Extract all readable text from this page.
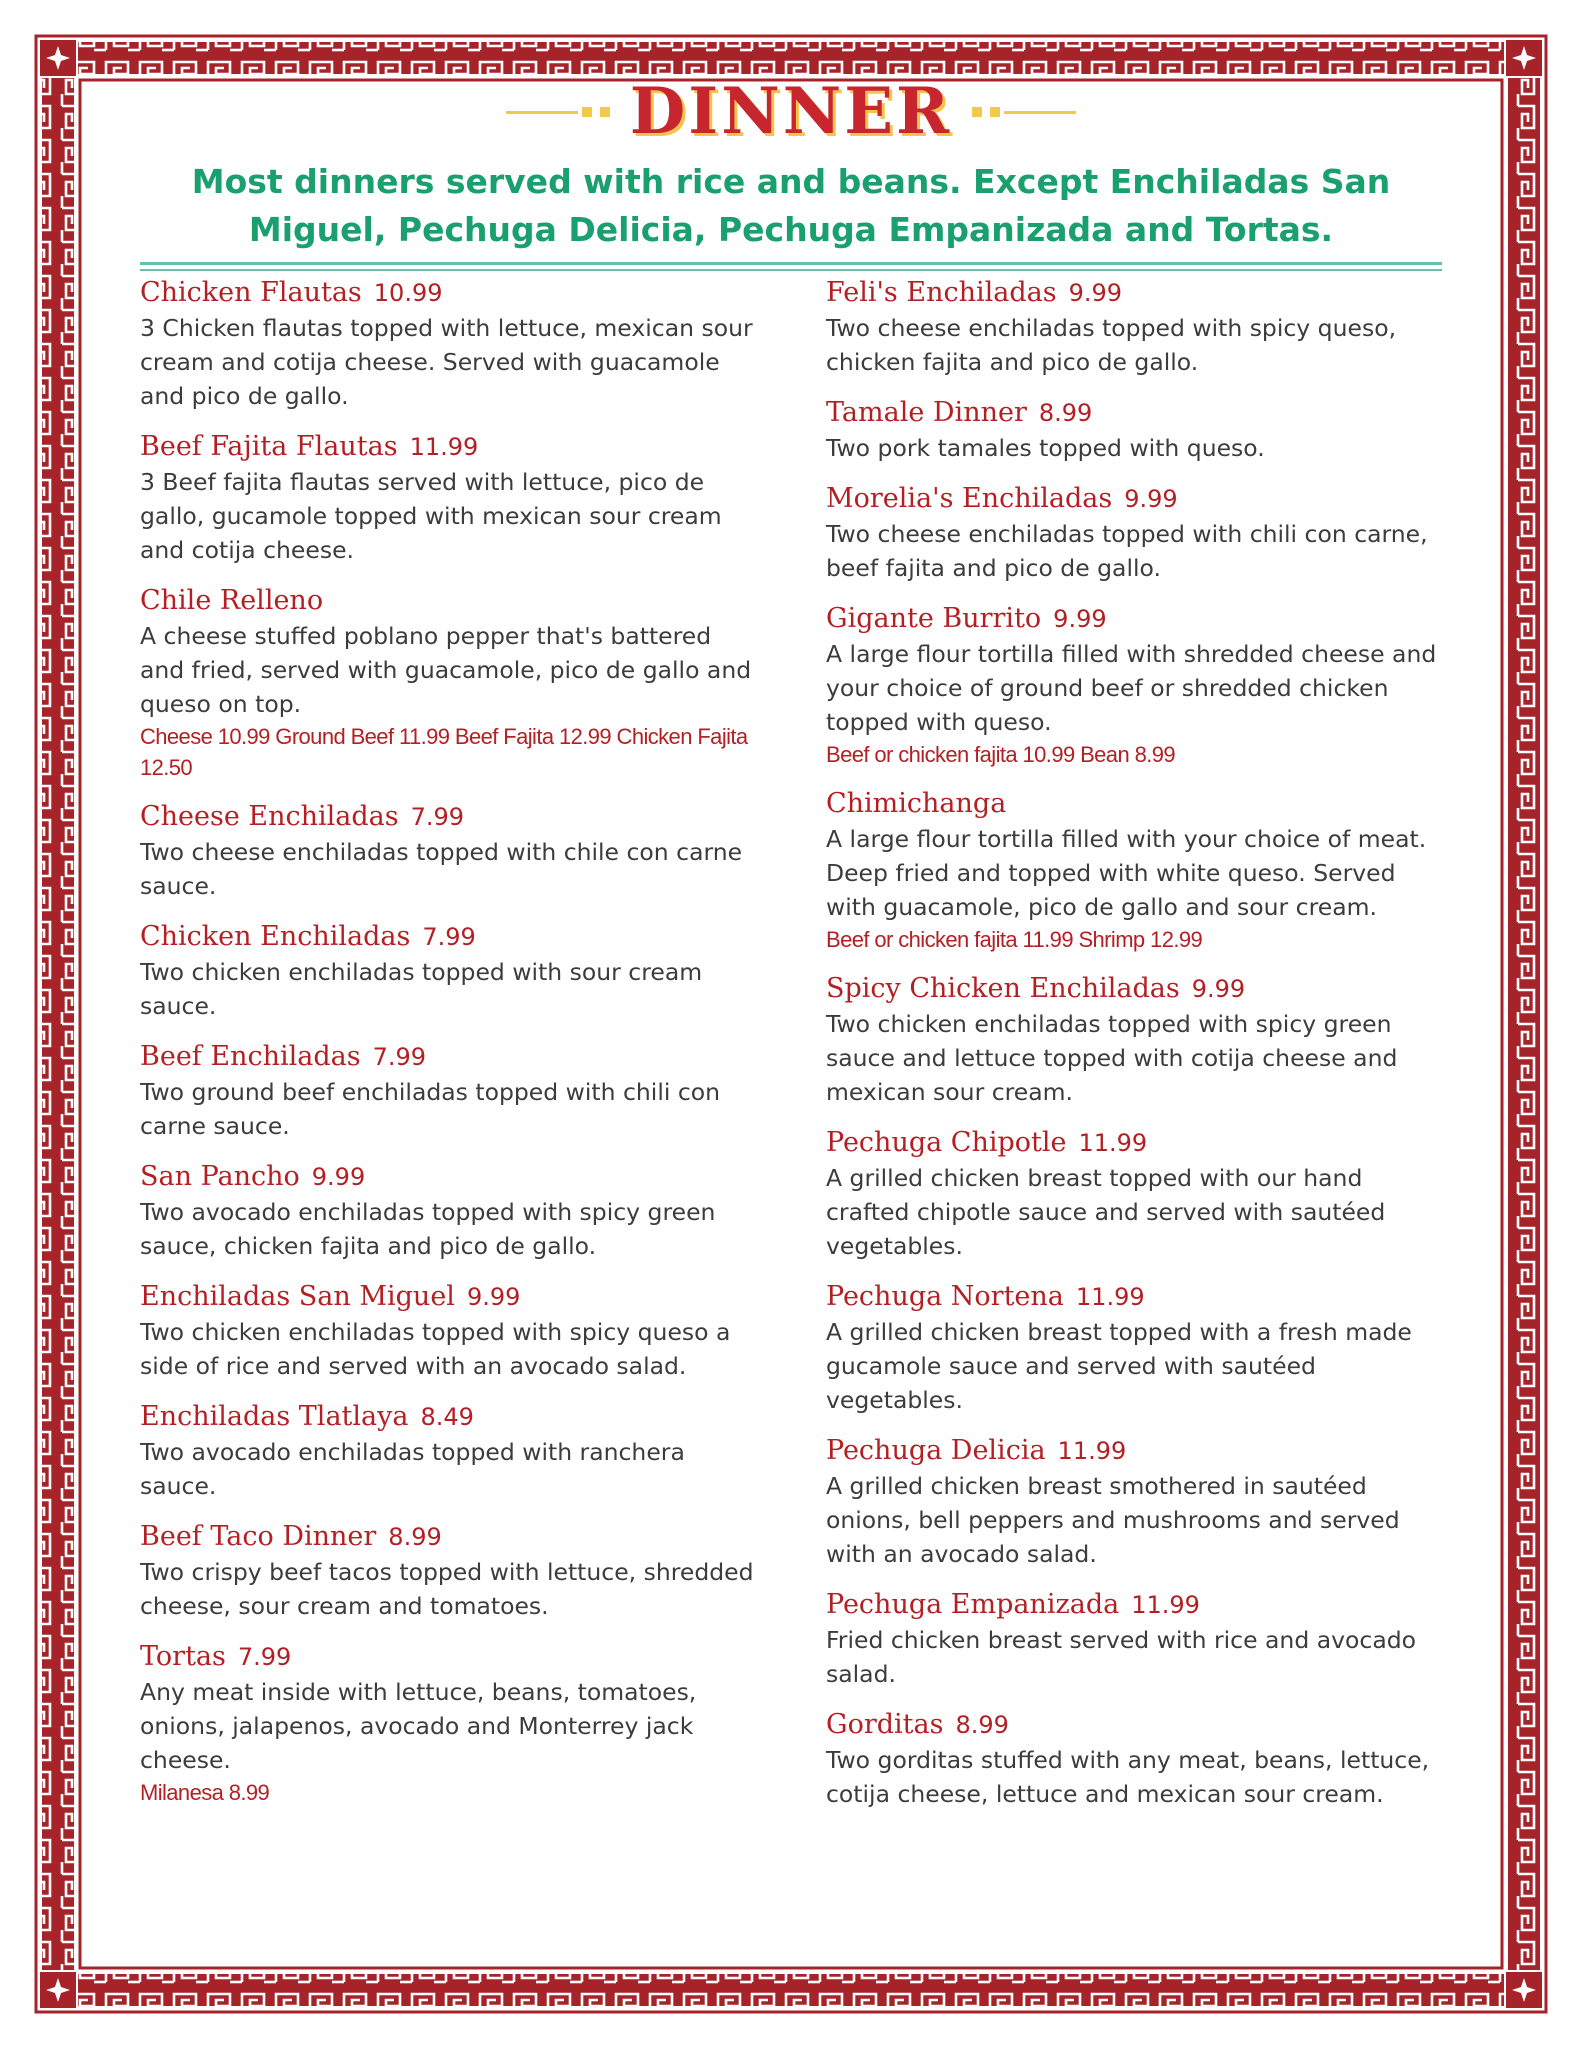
DINNER
Most dinners served with rice and beans. Except Enchiladas San Miguel, Pechuga Delicia, Pechuga Empanizada and Tortas.
Chicken Flautas 10.99
3 Chicken flautas topped with lettuce, mexican sour cream and cotija cheese. Served with guacamole and pico de gallo.
Beef Fajita Flautas 11.99
3 Beef fajita flautas served with lettuce, pico de gallo, gucamole topped with mexican sour cream and cotija cheese.
Chile Relleno
A cheese stuffed poblano pepper that's battered and fried, served with guacamole, pico de gallo and queso on top.
Cheese 10.99 Ground Beef 11.99 Beef Fajita 12.99 Chicken Fajita 12.50
Cheese Enchiladas 7.99
Two cheese enchiladas topped with chile con carne sauce.
Chicken Enchiladas 7.99
Two chicken enchiladas topped with sour cream sauce.
Beef Enchiladas 7.99
Two ground beef enchiladas topped with chili con carne sauce.
San Pancho 9.99
Two avocado enchiladas topped with spicy green sauce, chicken fajita and pico de gallo.
Enchiladas San Miguel 9.99
Two chicken enchiladas topped with spicy queso a side of rice and served with an avocado salad.
Enchiladas Tlatlaya 8.49
Two avocado enchiladas topped with ranchera sauce.
Beef Taco Dinner 8.99
Two crispy beef tacos topped with lettuce, shredded cheese, sour cream and tomatoes.
Tortas 7.99
Any meat inside with lettuce, beans, tomatoes, onions, jalapenos, avocado and Monterrey jack cheese.
Milanesa 8.99
Feli's Enchiladas 9.99
Two cheese enchiladas topped with spicy queso, chicken fajita and pico de gallo.
Tamale Dinner 8.99
Two pork tamales topped with queso.
Morelia's Enchiladas 9.99
Two cheese enchiladas topped with chili con carne, beef fajita and pico de gallo.
Gigante Burrito 9.99
A large flour tortilla filled with shredded cheese and your choice of ground beef or shredded chicken topped with queso.
Beef or chicken fajita 10.99 Bean 8.99
Chimichanga
A large flour tortilla filled with your choice of meat. Deep fried and topped with white queso. Served with guacamole, pico de gallo and sour cream.
Beef or chicken fajita 11.99 Shrimp 12.99
Spicy Chicken Enchiladas 9.99
Two chicken enchiladas topped with spicy green sauce and lettuce topped with cotija cheese and mexican sour cream.
Pechuga Chipotle 11.99
A grilled chicken breast topped with our hand crafted chipotle sauce and served with sautéed vegetables.
Pechuga Nortena 11.99
A grilled chicken breast topped with a fresh made gucamole sauce and served with sautéed vegetables.
Pechuga Delicia 11.99
A grilled chicken breast smothered in sautéed onions, bell peppers and mushrooms and served with an avocado salad.
Pechuga Empanizada 11.99
Fried chicken breast served with rice and avocado salad.
Gorditas 8.99
Two gorditas stuffed with any meat, beans, lettuce, cotija cheese, lettuce and mexican sour cream.
